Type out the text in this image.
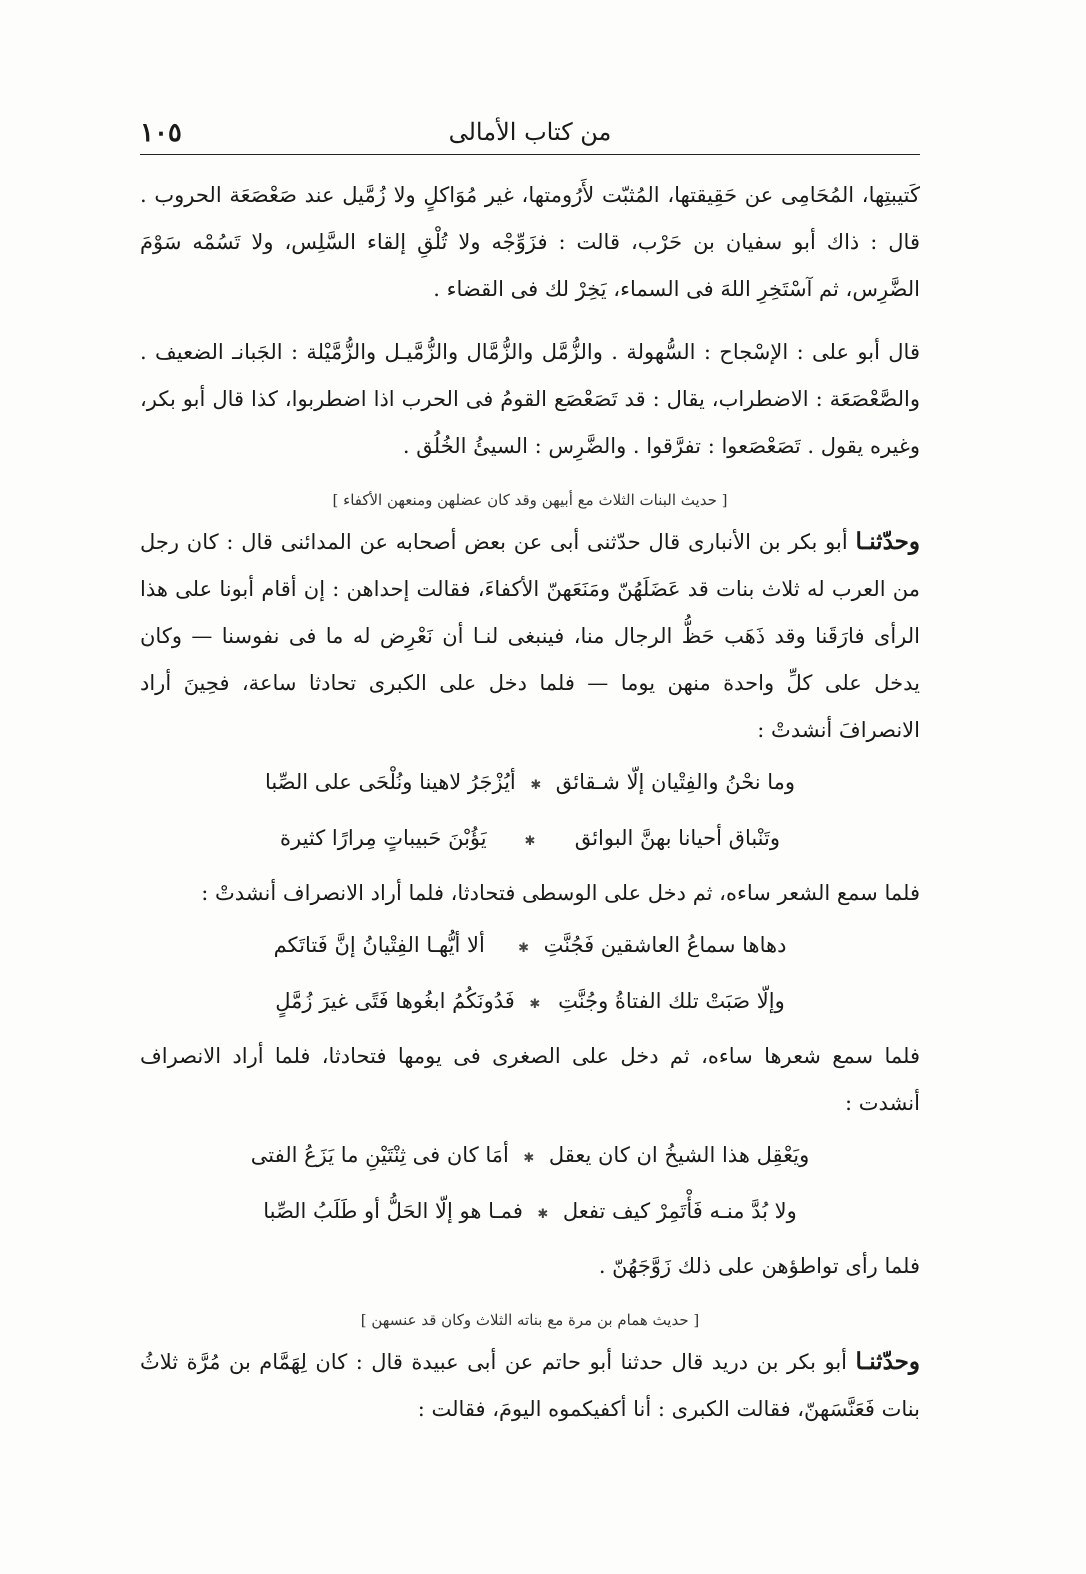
من كتاب الأمالى
١٠٥

كَتيبتِها، المُحَامِى عن حَقِيقتها، المُثبّت لأَرُومتها، غير مُوَاكلٍ ولا زُمَّيل عند صَعْصَعَة الحروب . قال : ذاك أبو سفيان بن حَرْب، قالت : فزَوِّجْه ولا تُلْقِ إلقاء السَّلِس، ولا تَسُمْه سَوْمَ الضَّرِس، ثم آسْتَخِرِ اللهَ فى السماء، يَخِرْ لك فى القضاء .

قال أبو على : الإسْجاح : السُّهولة . والزُّمَّل والزُّمَّال والزُّمَّيـل والزُّمَّيْلة : الجَبانـ الضعيف . والصَّعْصَعَة : الاضطراب، يقال : قد تَصَعْصَع القومُ فى الحرب اذا اضطربوا، كذا قال أبو بكر، وغيره يقول . تَصَعْصَعوا : تفرَّقوا . والضَّرِس : السيئُ الخُلُق .

[ حديث البنات الثلاث مع أبيهن وقد كان عضلهن ومنعهن الأكفاء ]

وحدّثنـا أبو بكر بن الأنبارى قال حدّثنى أبى عن بعض أصحابه عن المدائنى قال : كان رجل من العرب له ثلاث بنات قد عَضَلَهُنّ ومَنَعَهنّ الأكفاءَ، فقالت إحداهن : إن أقام أبونا على هذا الرأى فارَقَنا وقد ذَهَب حَظُّ الرجال منا، فينبغى لنـا أن نَعْرِض له ما فى نفوسنا — وكان يدخل على كلِّ واحدة منهن يوما — فلما دخل على الكبرى تحادثا ساعة، فحِينَ أراد الانصرافَ أنشدتْ :

وما نحْنُ والفِتْيان إلّا شـقائق
✱
أيُزْجَرُ لاهينا ونُلْحَى على الصِّبا
وتَنْباق أحيانا بهنَّ البوائق
✱
يَؤُبْنَ حَبيباتٍ مِرارًا كثيرة

فلما سمع الشعر ساءه، ثم دخل على الوسطى فتحادثا، فلما أراد الانصراف أنشدتْ :

دهاها سماعُ العاشقين فَجُنَّتِ
✱
ألا أيُّهـا الفِتْيانُ إنَّ فَتاتَكم
وإلّا صَبَتْ تلك الفتاةُ وجُنَّتِ
✱
فَدُونَكُمُ ابغُوها فَتًى غيرَ زُمَّلٍ

فلما سمع شعرها ساءه، ثم دخل على الصغرى فى يومها فتحادثا، فلما أراد الانصراف أنشدت :

ويَعْقِل هذا الشيخُ ان كان يعقل
✱
أمَا كان فى ثِنْتَيْنِ ما يَزَعُ الفتى
ولا بُدَّ منـه فَأْتَمِرْ كيف تفعل
✱
فمـا هو إلّا الحَلُّ أو طَلَبُ الصِّبا

فلما رأى تواطؤهن على ذلك زَوَّجَهُنّ .

[ حديث همام بن مرة مع بناته الثلاث وكان قد عنسهن ]

وحدّثنـا أبو بكر بن دريد قال حدثنا أبو حاتم عن أبى عبيدة قال : كان لِهَمَّام بن مُرَّة ثلاثُ بنات فَعَنَّسَهنّ، فقالت الكبرى : أنا أكفيكموه اليومَ، فقالت :
